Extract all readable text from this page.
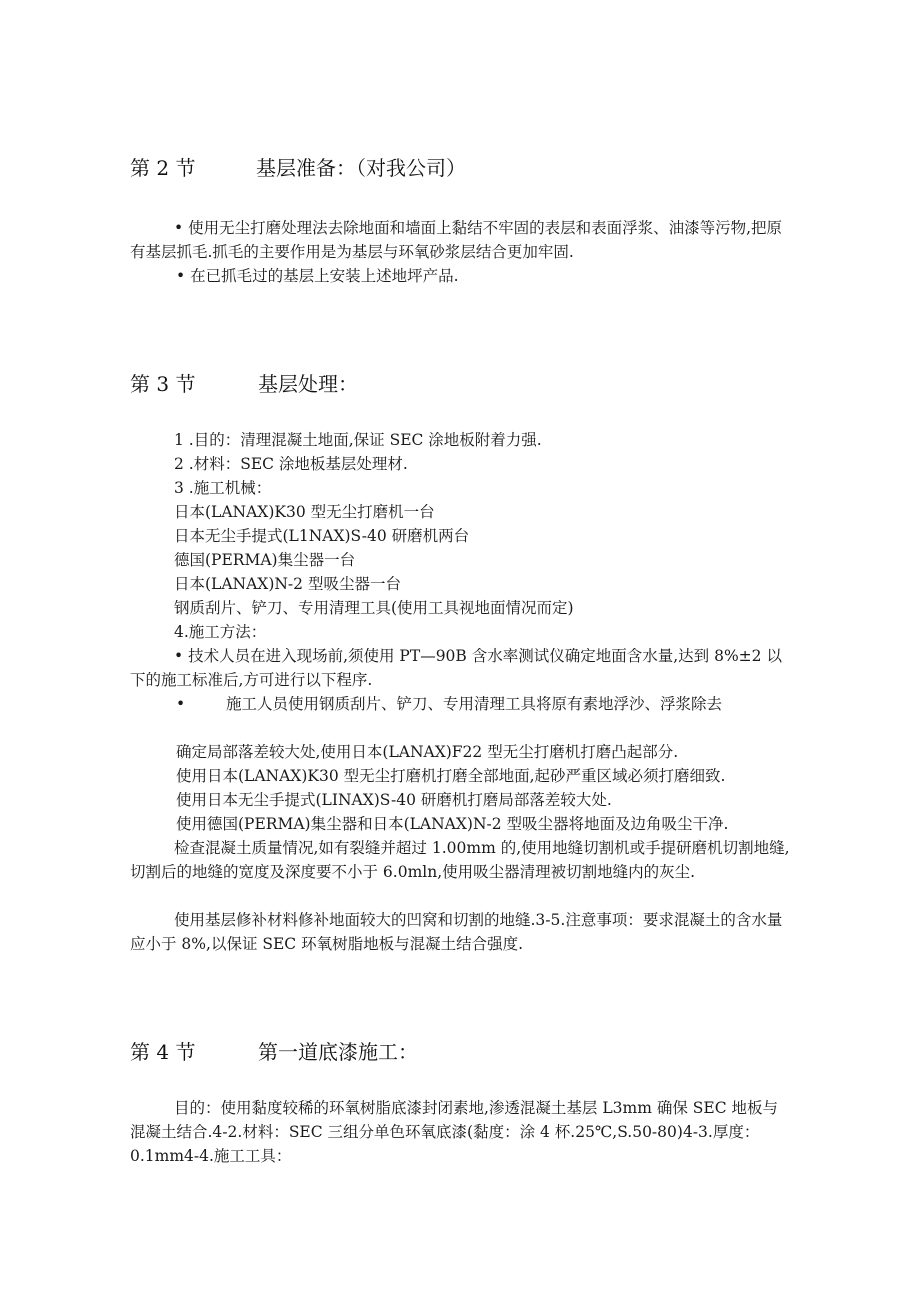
第 2 节	基层准备：（对我公司）
• 使用无尘打磨处理法去除地面和墙面上黏结不牢固的表层和表面浮浆、油漆等污物,把原有基层抓毛.抓毛的主要作用是为基层与环氧砂浆层结合更加牢固.
• 在已抓毛过的基层上安装上述地坪产品.
第 3 节	基层处理：
1 .目的：清理混凝土地面,保证 SEC 涂地板附着力强.
2 .材料：SEC 涂地板基层处理材.
3 .施工机械：
日本(LANAX)K30 型无尘打磨机一台
日本无尘手提式(L1NAX)S-40 研磨机两台
德国(PERMA)集尘器一台
日本(LANAX)N-2 型吸尘器一台
钢质刮片、铲刀、专用清理工具(使用工具视地面情况而定)
4.施工方法：
• 技术人员在进入现场前,须使用 PT—90B 含水率测试仪确定地面含水量,达到 8%±2 以下的施工标准后,方可进行以下程序.
•	施工人员使用钢质刮片、铲刀、专用清理工具将原有素地浮沙、浮浆除去
确定局部落差较大处,使用日本(LANAX)F22 型无尘打磨机打磨凸起部分.
使用日本(LANAX)K30 型无尘打磨机打磨全部地面,起砂严重区域必须打磨细致.
使用日本无尘手提式(LINAX)S-40 研磨机打磨局部落差较大处.
使用德国(PERMA)集尘器和日本(LANAX)N-2 型吸尘器将地面及边角吸尘干净.
检查混凝土质量情况,如有裂缝并超过 1.00mm 的,使用地缝切割机或手提研磨机切割地缝,切割后的地缝的宽度及深度要不小于 6.0mln,使用吸尘器清理被切割地缝内的灰尘.
使用基层修补材料修补地面较大的凹窝和切割的地缝.3-5.注意事项：要求混凝土的含水量应小于 8%,以保证 SEC 环氧树脂地板与混凝土结合强度.
第 4 节	第一道底漆施工：
目的：使用黏度较稀的环氧树脂底漆封闭素地,渗透混凝土基层 L3mm 确保 SEC 地板与混凝土结合.4-2.材料：SEC 三组分单色环氧底漆(黏度：涂 4 杯.25℃,S.50-80)4-3.厚度：0.1mm4-4.施工工具：
